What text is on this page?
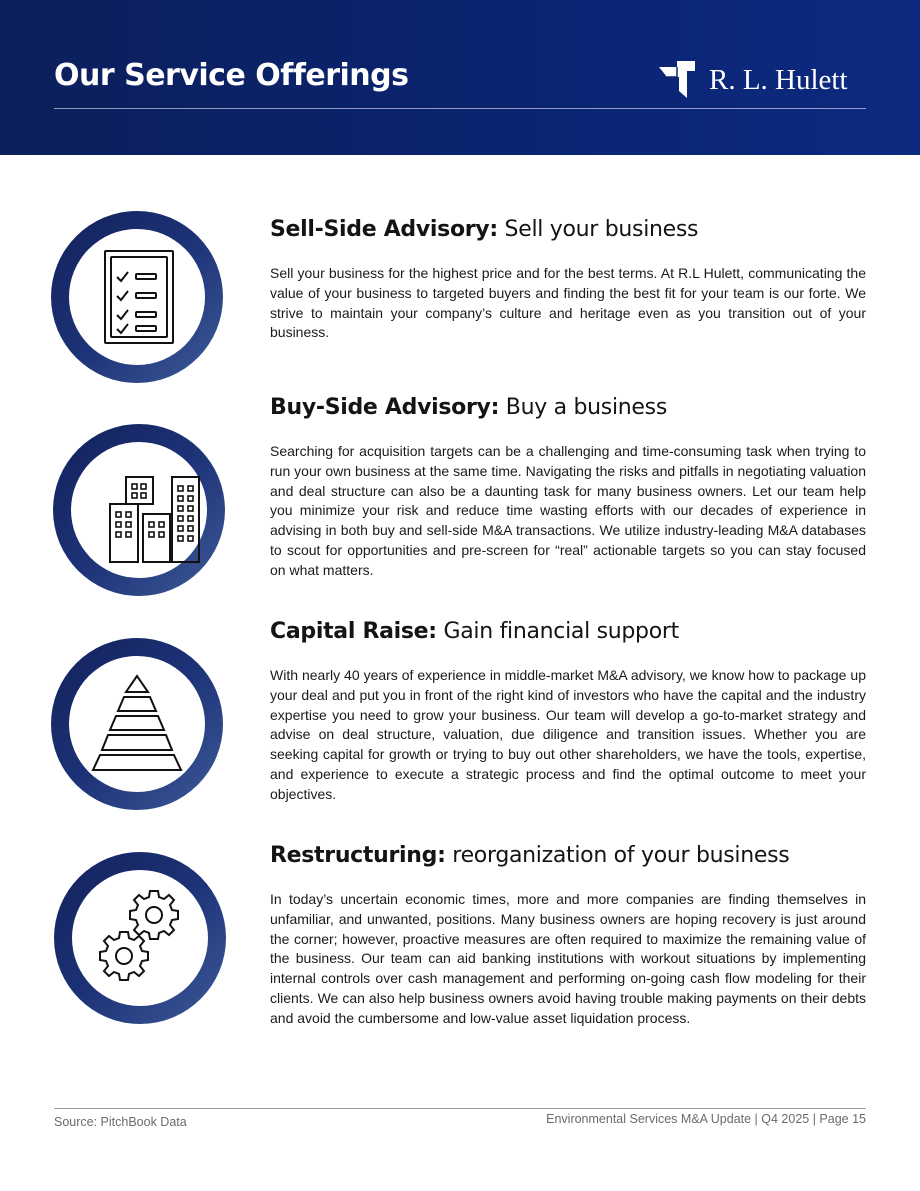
Our Service Offerings	R. L. Hulett
Sell-Side Advisory: Sell your business
Sell your business for the highest price and for the best terms. At R.L Hulett, communicating the value of your business to targeted buyers and finding the best fit for your team is our forte. We strive to maintain your company’s culture and heritage even as you transition out of your business.
Buy-Side Advisory: Buy a business
Searching for acquisition targets can be a challenging and time-consuming task when trying to run your own business at the same time. Navigating the risks and pitfalls in negotiating valuation and deal structure can also be a daunting task for many business owners. Let our team help you minimize your risk and reduce time wasting efforts with our decades of experience in advising in both buy and sell-side M&A transactions. We utilize industry-leading M&A databases to scout for opportunities and pre-screen for “real” actionable targets so you can stay focused on what matters.
Capital Raise: Gain financial support
With nearly 40 years of experience in middle-market M&A advisory, we know how to package up your deal and put you in front of the right kind of investors who have the capital and the industry expertise you need to grow your business. Our team will develop a go-to-market strategy and advise on deal structure, valuation, due diligence and transition issues. Whether you are seeking capital for growth or trying to buy out other shareholders, we have the tools, expertise, and experience to execute a strategic process and find the optimal outcome to meet your objectives.
Restructuring: reorganization of your business
In today’s uncertain economic times, more and more companies are finding themselves in unfamiliar, and unwanted, positions. Many business owners are hoping recovery is just around the corner; however, proactive measures are often required to maximize the remaining value of the business. Our team can aid banking institutions with workout situations by implementing internal controls over cash management and performing on-going cash flow modeling for their clients. We can also help business owners avoid having trouble making payments on their debts and avoid the cumbersome and low-value asset liquidation process.
Source: PitchBook Data	Environmental Services M&A Update | Q4 2025 | Page 15
